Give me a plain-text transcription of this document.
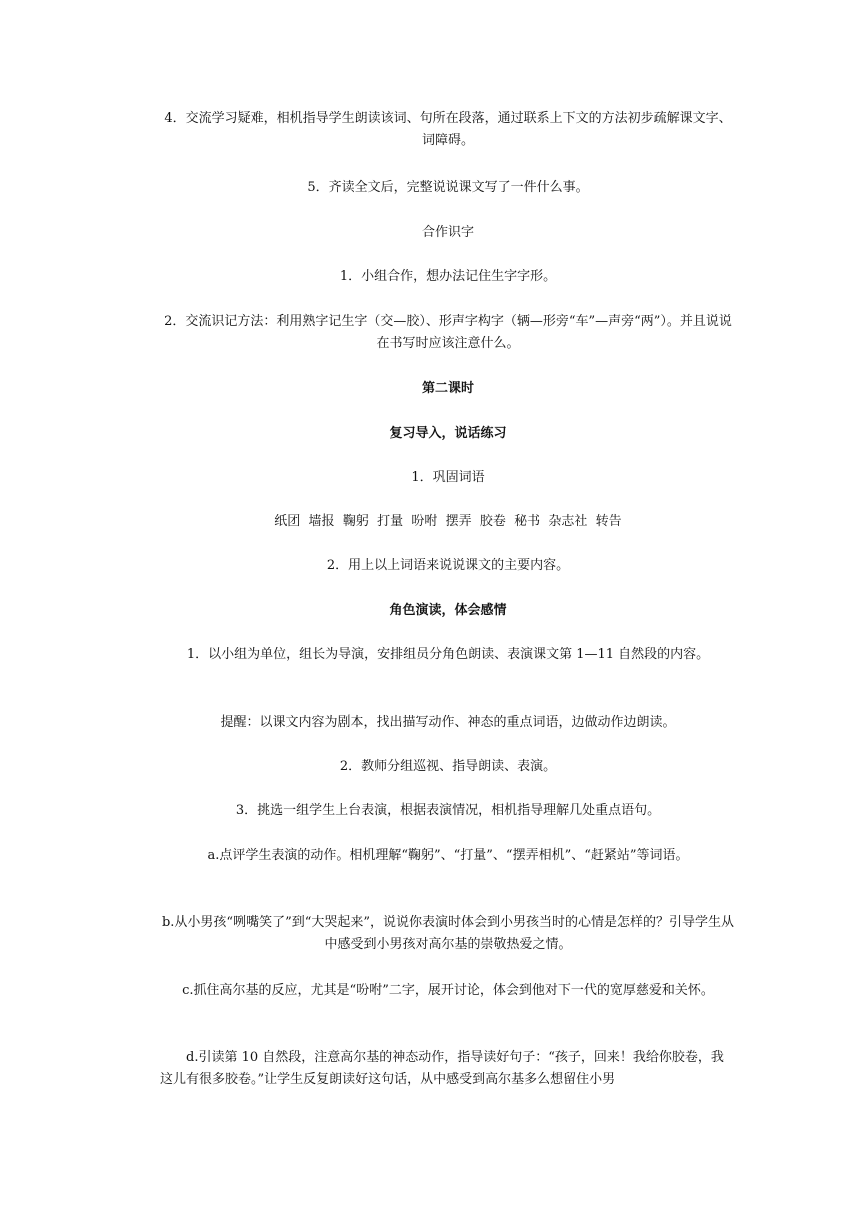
4．交流学习疑难，相机指导学生朗读该词、句所在段落，通过联系上下文的方法初步疏解课文字、词障碍。

5．齐读全文后，完整说说课文写了一件什么事。

合作识字

1．小组合作，想办法记住生字字形。

2．交流识记方法：利用熟字记生字（交—胶）、形声字构字（辆—形旁“车”—声旁“两”）。并且说说在书写时应该注意什么。

第二课时

复习导入，说话练习

1．巩固词语

纸团  墙报  鞠躬  打量  吩咐  摆弄  胶卷  秘书  杂志社  转告

2．用上以上词语来说说课文的主要内容。

角色演读，体会感情

1．以小组为单位，组长为导演，安排组员分角色朗读、表演课文第 1—11 自然段的内容。

提醒：以课文内容为剧本，找出描写动作、神态的重点词语，边做动作边朗读。

2．教师分组巡视、指导朗读、表演。

3．挑选一组学生上台表演，根据表演情况，相机指导理解几处重点语句。

a.点评学生表演的动作。相机理解“鞠躬”、“打量”、“摆弄相机”、“赶紧站”等词语。

b.从小男孩“咧嘴笑了”到“大哭起来”，说说你表演时体会到小男孩当时的心情是怎样的？引导学生从中感受到小男孩对高尔基的崇敬热爱之情。

c.抓住高尔基的反应，尤其是“吩咐”二字，展开讨论，体会到他对下一代的宽厚慈爱和关怀。

d.引读第 10 自然段，注意高尔基的神态动作，指导读好句子：“孩子，回来！我给你胶卷，我这儿有很多胶卷。”让学生反复朗读好这句话，从中感受到高尔基多么想留住小男
